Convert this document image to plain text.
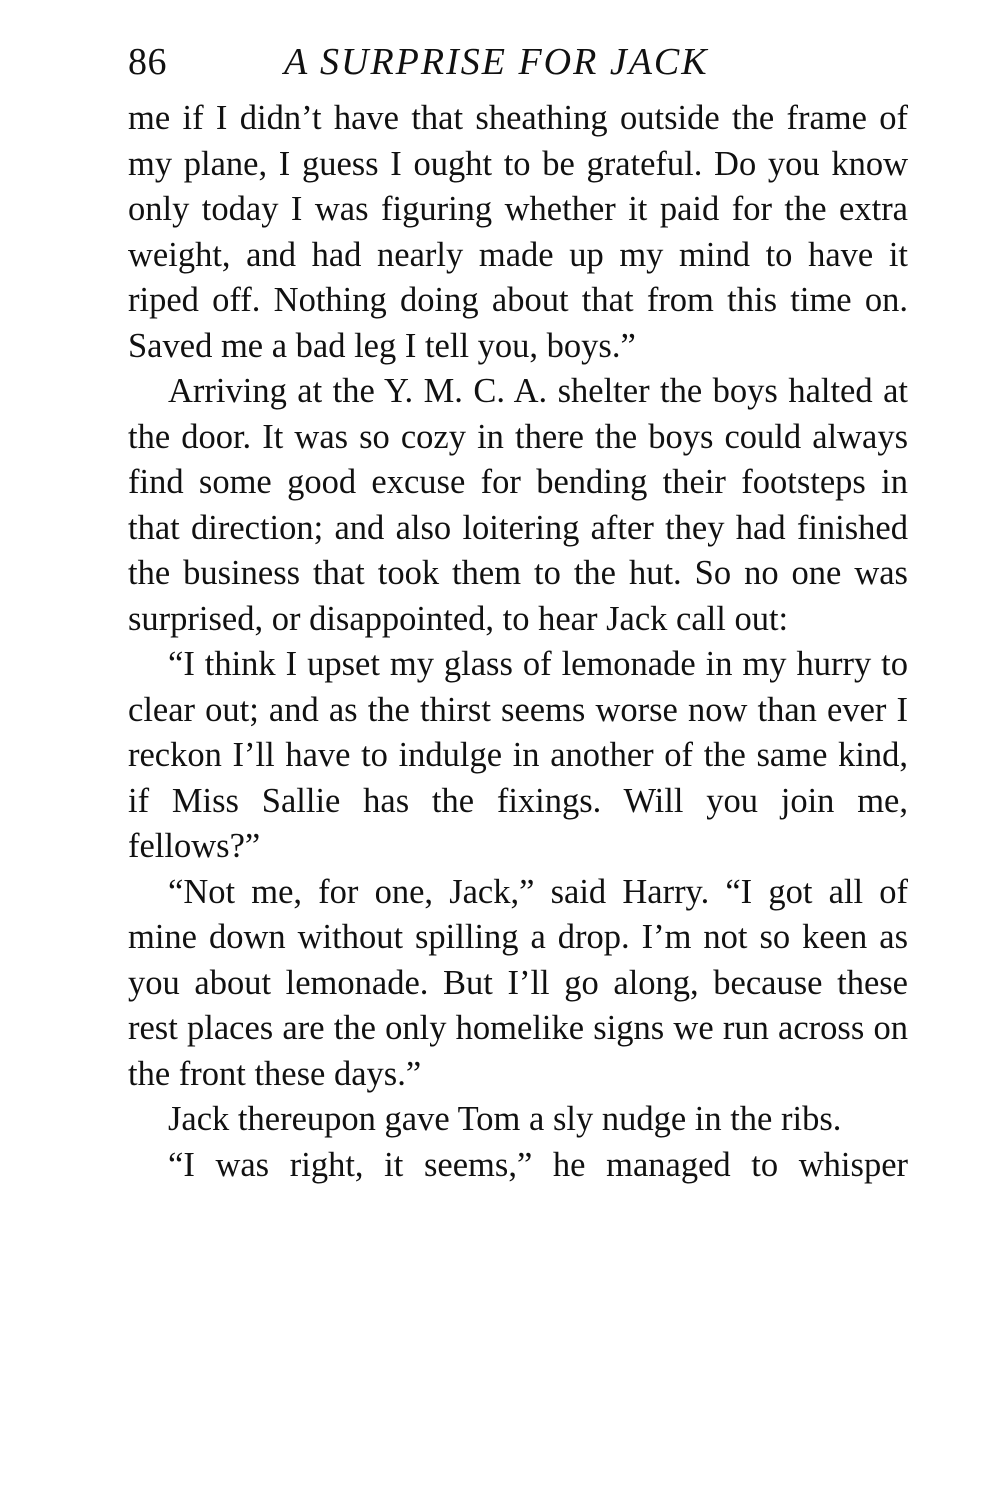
86	A SURPRISE FOR JACK

me if I didn’t have that sheathing outside the frame of my plane, I guess I ought to be grateful. Do you know only today I was figuring whether it paid for the extra weight, and had nearly made up my mind to have it riped off. Nothing doing about that from this time on. Saved me a bad leg I tell you, boys.”

Arriving at the Y. M. C. A. shelter the boys halted at the door. It was so cozy in there the boys could always find some good excuse for bending their footsteps in that direction; and also loitering after they had finished the business that took them to the hut. So no one was surprised, or disappointed, to hear Jack call out:

“I think I upset my glass of lemonade in my hurry to clear out; and as the thirst seems worse now than ever I reckon I’ll have to indulge in another of the same kind, if Miss Sallie has the fixings. Will you join me, fellows?”

“Not me, for one, Jack,” said Harry. “I got all of mine down without spilling a drop. I’m not so keen as you about lemonade. But I’ll go along, because these rest places are the only homelike signs we run across on the front these days.”

Jack thereupon gave Tom a sly nudge in the ribs.

“I was right, it seems,” he managed to whisper
